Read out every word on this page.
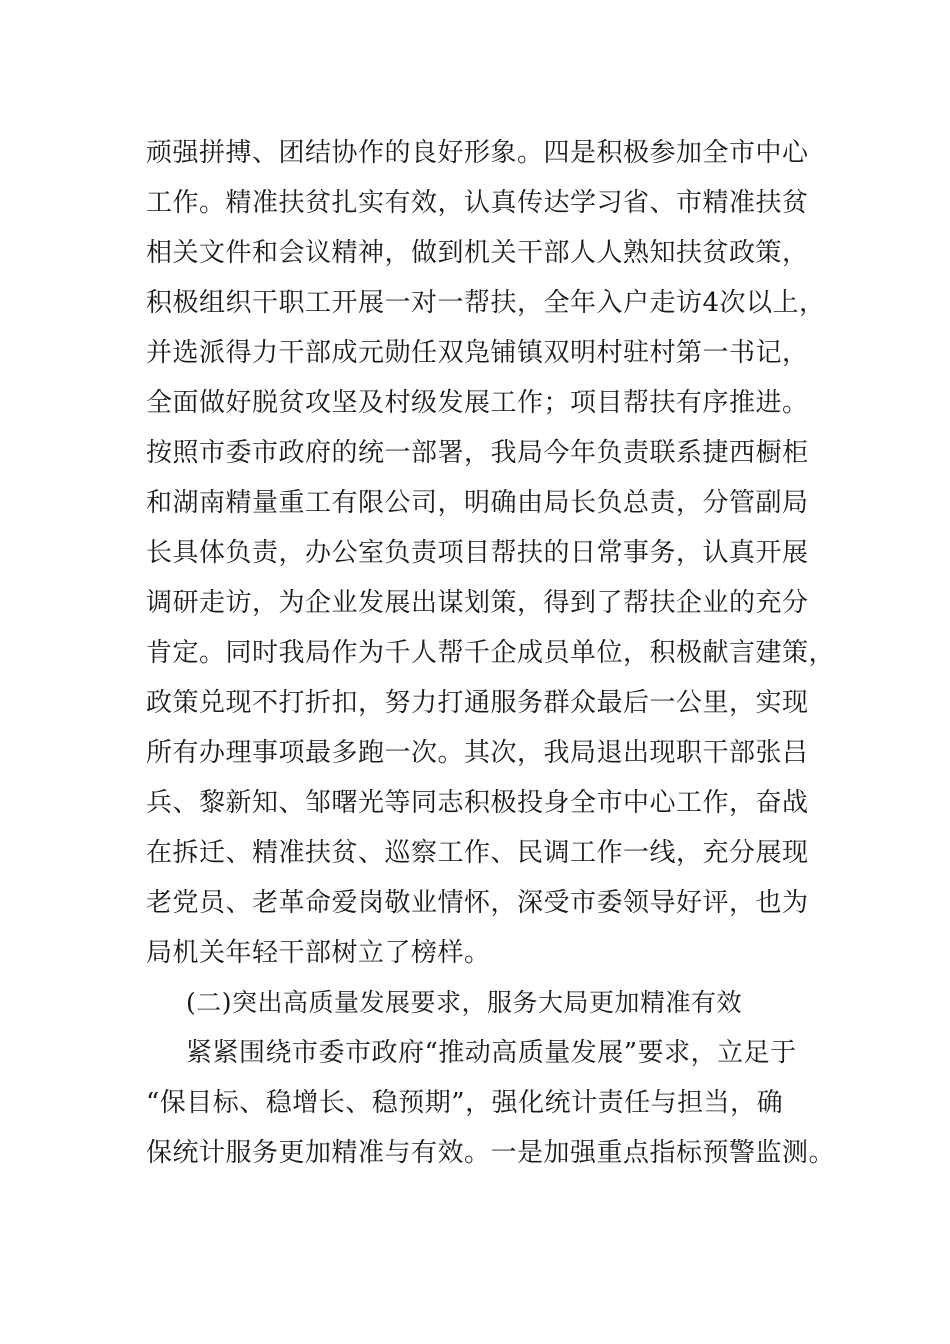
顽强拼搏、团结协作的良好形象。四是积极参加全市中心
工作。精准扶贫扎实有效，认真传达学习省、市精准扶贫
相关文件和会议精神，做到机关干部人人熟知扶贫政策，
积极组织干职工开展一对一帮扶，全年入户走访4次以上，
并选派得力干部成元勋任双凫铺镇双明村驻村第一书记，
全面做好脱贫攻坚及村级发展工作；项目帮扶有序推进。
按照市委市政府的统一部署，我局今年负责联系捷西橱柜
和湖南精量重工有限公司，明确由局长负总责，分管副局
长具体负责，办公室负责项目帮扶的日常事务，认真开展
调研走访，为企业发展出谋划策，得到了帮扶企业的充分
肯定。同时我局作为千人帮千企成员单位，积极献言建策，
政策兑现不打折扣，努力打通服务群众最后一公里，实现
所有办理事项最多跑一次。其次，我局退出现职干部张吕
兵、黎新知、邹曙光等同志积极投身全市中心工作，奋战
在拆迁、精准扶贫、巡察工作、民调工作一线，充分展现
老党员、老革命爱岗敬业情怀，深受市委领导好评，也为
局机关年轻干部树立了榜样。
(二)突出高质量发展要求，服务大局更加精准有效
紧紧围绕市委市政府“推动高质量发展”要求，立足于
“保目标、稳增长、稳预期”，强化统计责任与担当，确
保统计服务更加精准与有效。一是加强重点指标预警监测。
